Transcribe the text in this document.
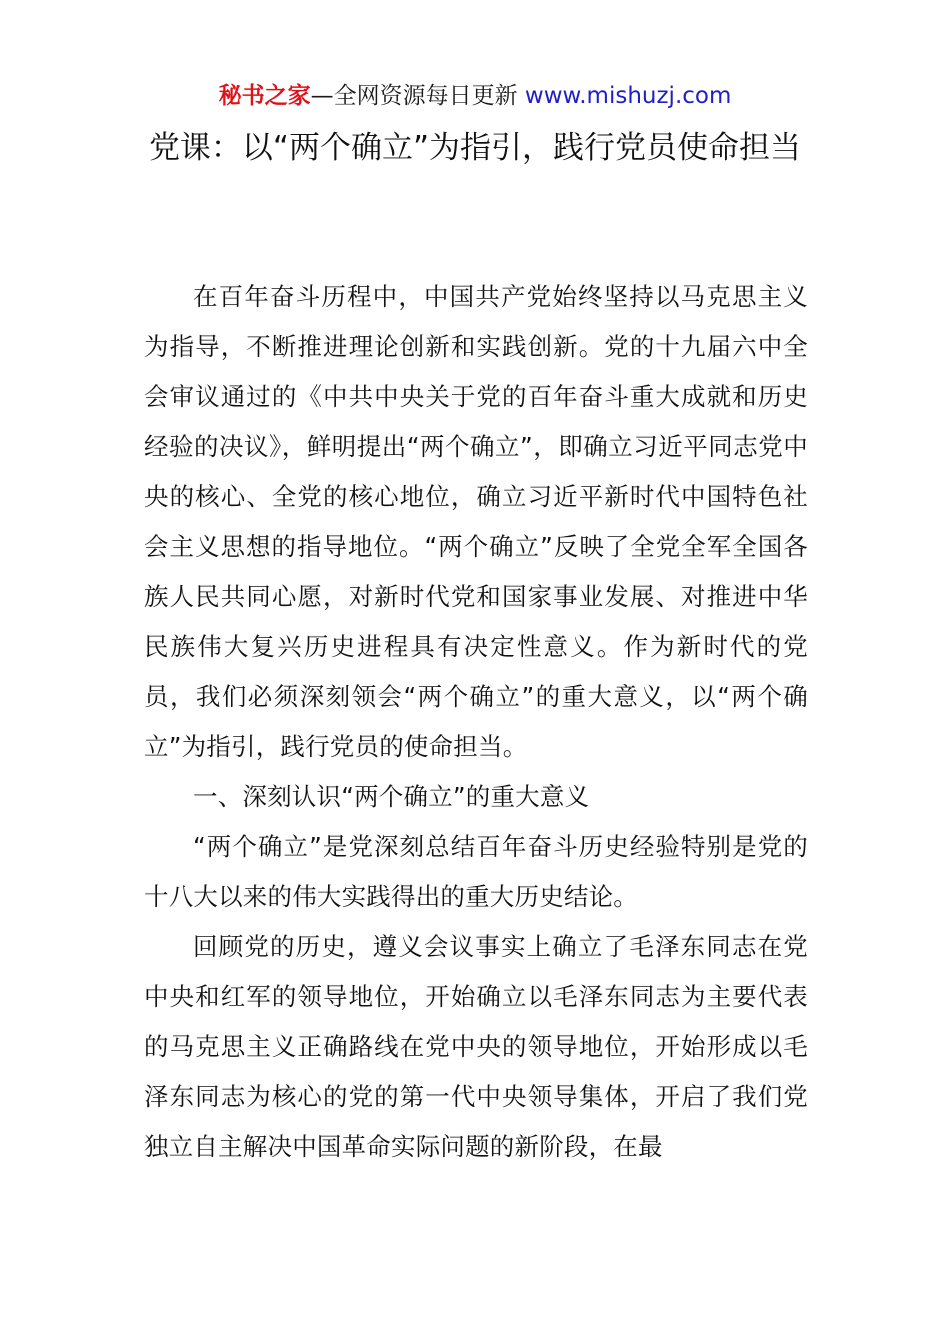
秘书之家—全网资源每日更新 www.mishuzj.com
党课：以“两个确立”为指引，践行党员使命担当

在百年奋斗历程中，中国共产党始终坚持以马克思主义为指导，不断推进理论创新和实践创新。党的十九届六中全会审议通过的《中共中央关于党的百年奋斗重大成就和历史经验的决议》，鲜明提出“两个确立”，即确立习近平同志党中央的核心、全党的核心地位，确立习近平新时代中国特色社会主义思想的指导地位。“两个确立”反映了全党全军全国各族人民共同心愿，对新时代党和国家事业发展、对推进中华民族伟大复兴历史进程具有决定性意义。作为新时代的党员，我们必须深刻领会“两个确立”的重大意义，以“两个确立”为指引，践行党员的使命担当。

一、深刻认识“两个确立”的重大意义

“两个确立”是党深刻总结百年奋斗历史经验特别是党的十八大以来的伟大实践得出的重大历史结论。

回顾党的历史，遵义会议事实上确立了毛泽东同志在党中央和红军的领导地位，开始确立以毛泽东同志为主要代表的马克思主义正确路线在党中央的领导地位，开始形成以毛泽东同志为核心的党的第一代中央领导集体，开启了我们党独立自主解决中国革命实际问题的新阶段，在最
